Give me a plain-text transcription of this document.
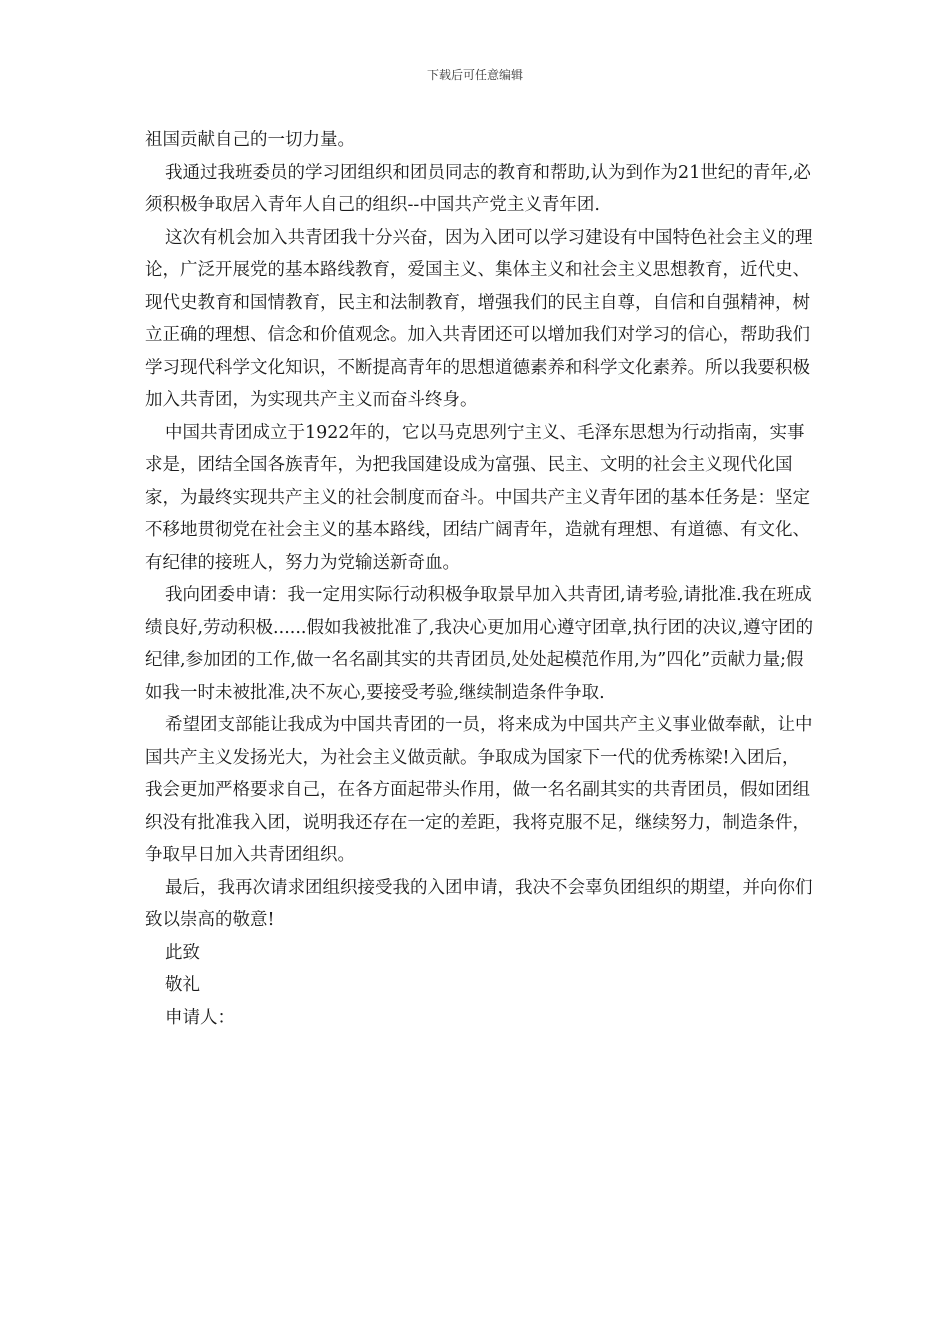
下载后可任意编辑

祖国贡献自己的一切力量。

我通过我班委员的学习团组织和团员同志的教育和帮助,认为到作为21世纪的青年,必须积极争取居入青年人自己的组织--中国共产党主义青年团.

这次有机会加入共青团我十分兴奋，因为入团可以学习建设有中国特色社会主义的理论，广泛开展党的基本路线教育，爱国主义、集体主义和社会主义思想教育，近代史、现代史教育和国情教育，民主和法制教育，增强我们的民主自尊，自信和自强精神，树立正确的理想、信念和价值观念。加入共青团还可以增加我们对学习的信心，帮助我们学习现代科学文化知识，不断提高青年的思想道德素养和科学文化素养。所以我要积极加入共青团，为实现共产主义而奋斗终身。

中国共青团成立于1922年的，它以马克思列宁主义、毛泽东思想为行动指南，实事求是，团结全国各族青年，为把我国建设成为富强、民主、文明的社会主义现代化国家，为最终实现共产主义的社会制度而奋斗。中国共产主义青年团的基本任务是：坚定不移地贯彻党在社会主义的基本路线，团结广阔青年，造就有理想、有道德、有文化、有纪律的接班人，努力为党输送新奇血。

我向团委申请：我一定用实际行动积极争取景早加入共青团,请考验,请批准.我在班成绩良好,劳动积极......假如我被批准了,我决心更加用心遵守团章,执行团的决议,遵守团的纪律,参加团的工作,做一名名副其实的共青团员,处处起模范作用,为”四化”贡献力量;假如我一时未被批准,决不灰心,要接受考验,继续制造条件争取.

希望团支部能让我成为中国共青团的一员，将来成为中国共产主义事业做奉献，让中国共产主义发扬光大，为社会主义做贡献。争取成为国家下一代的优秀栋梁!入团后，我会更加严格要求自己，在各方面起带头作用，做一名名副其实的共青团员，假如团组织没有批准我入团，说明我还存在一定的差距，我将克服不足，继续努力，制造条件，争取早日加入共青团组织。

最后，我再次请求团组织接受我的入团申请，我决不会辜负团组织的期望，并向你们致以崇高的敬意!

此致

敬礼

申请人：
